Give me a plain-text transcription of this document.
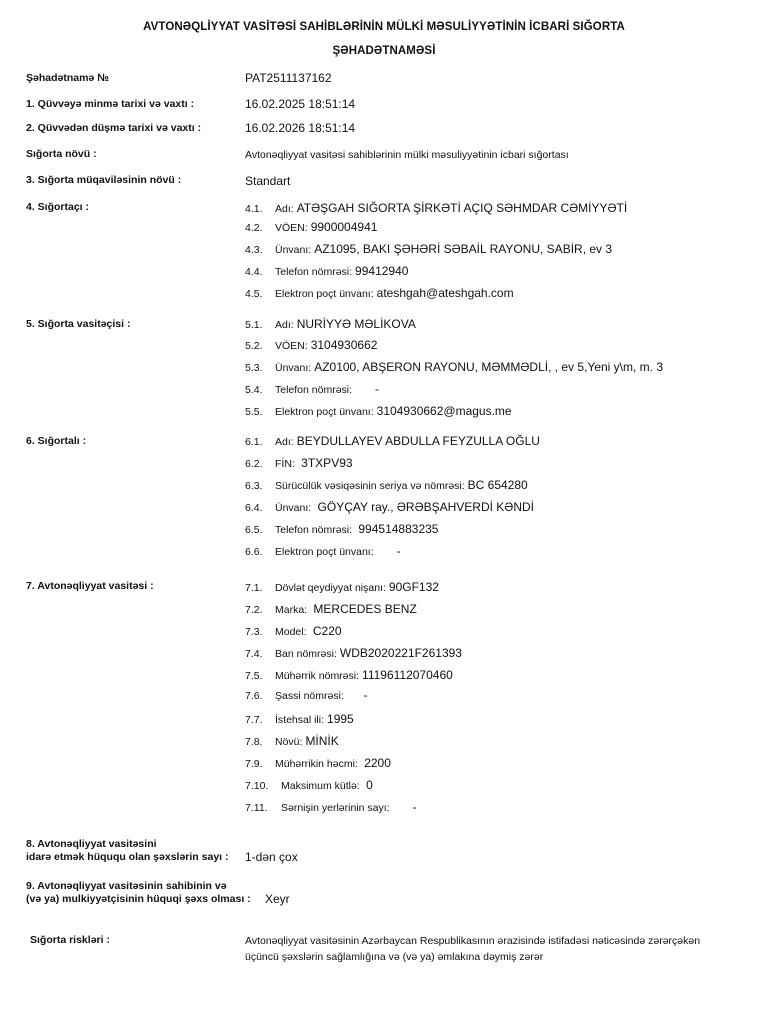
AVTONƏQLİYYAT VASİTƏSİ SAHİBLƏRİNİN MÜLKİ MƏSULİYYƏTİNİN İCBARİ SIĞORTA
ŞƏHADƏTNAMƏSİ
Şəhadətnamə №	PAT2511137162
1. Qüvvəyə minmə tarixi və vaxtı :	16.02.2025 18:51:14
2. Qüvvədən düşmə tarixi və vaxtı :	16.02.2026 18:51:14
Sığorta növü :	Avtonəqliyyat vasitəsi sahiblərinin mülki məsuliyyətinin icbari sığortası
3. Sığorta müqaviləsinin növü :	Standart
4. Sığortaçı :	4.1. Adı: ATƏŞGAH SIĞORTA ŞİRKƏTİ AÇIQ SƏHMDAR CƏMİYYƏTİ
4.2. VÖEN: 9900004941
4.3. Ünvanı: AZ1095, BAKI ŞƏHƏRİ SƏBAİL RAYONU, SABİR, ev 3
4.4. Telefon nömrəsi: 99412940
4.5. Elektron poçt ünvanı: ateshgah@ateshgah.com
5. Sığorta vasitəçisi :	5.1. Adı: NURİYYƏ MƏLİKOVA
5.2. VÖEN: 3104930662
5.3. Ünvanı: AZ0100, ABŞERON RAYONU, MƏMMƏDLİ, , ev 5,Yeni y\m, m. 3
5.4. Telefon nömrəsi:      -
5.5. Elektron poçt ünvanı: 3104930662@magus.me
6. Sığortalı :	6.1. Adı: BEYDULLAYEV ABDULLA FEYZULLA OĞLU
6.2. FİN: 3TXPV93
6.3. Sürücülük vəsiqəsinin seriya və nömrəsi: BC 654280
6.4. Ünvanı: GÖYÇAY ray., ƏRƏBŞAHVERDİ KƏNDİ
6.5. Telefon nömrəsi: 994514883235
6.6. Elektron poçt ünvanı:      -
7. Avtonəqliyyat vasitəsi :	7.1. Dövlət qeydiyyat nişanı: 90GF132
7.2. Marka: MERCEDES BENZ
7.3. Model: C220
7.4. Ban nömrəsi: WDB2020221F261393
7.5. Mühərrik nömrəsi: 11196112070460
7.6. Şassi nömrəsi:     -
7.7. İstehsal ili: 1995
7.8. Növü: MİNİK
7.9. Mühərrikin həcmi: 2200
7.10. Maksimum kütlə: 0
7.11. Sərnişin yerlərinin sayı:      -
8. Avtonəqliyyat vasitəsini
idarə etmək hüququ olan şəxslərin sayı : 1-dən çox
9. Avtonəqliyyat vasitəsinin sahibinin və
(və ya) mulkiyyətçisinin hüquqi şəxs olması : Xeyr
Sığorta riskləri :	Avtonəqliyyat vasitəsinin Azərbaycan Respublikasının ərazisində istifadəsi nəticəsində zərərçəkən üçüncü şəxslərin sağlamlığına və (və ya) əmlakına dəymiş zərər
